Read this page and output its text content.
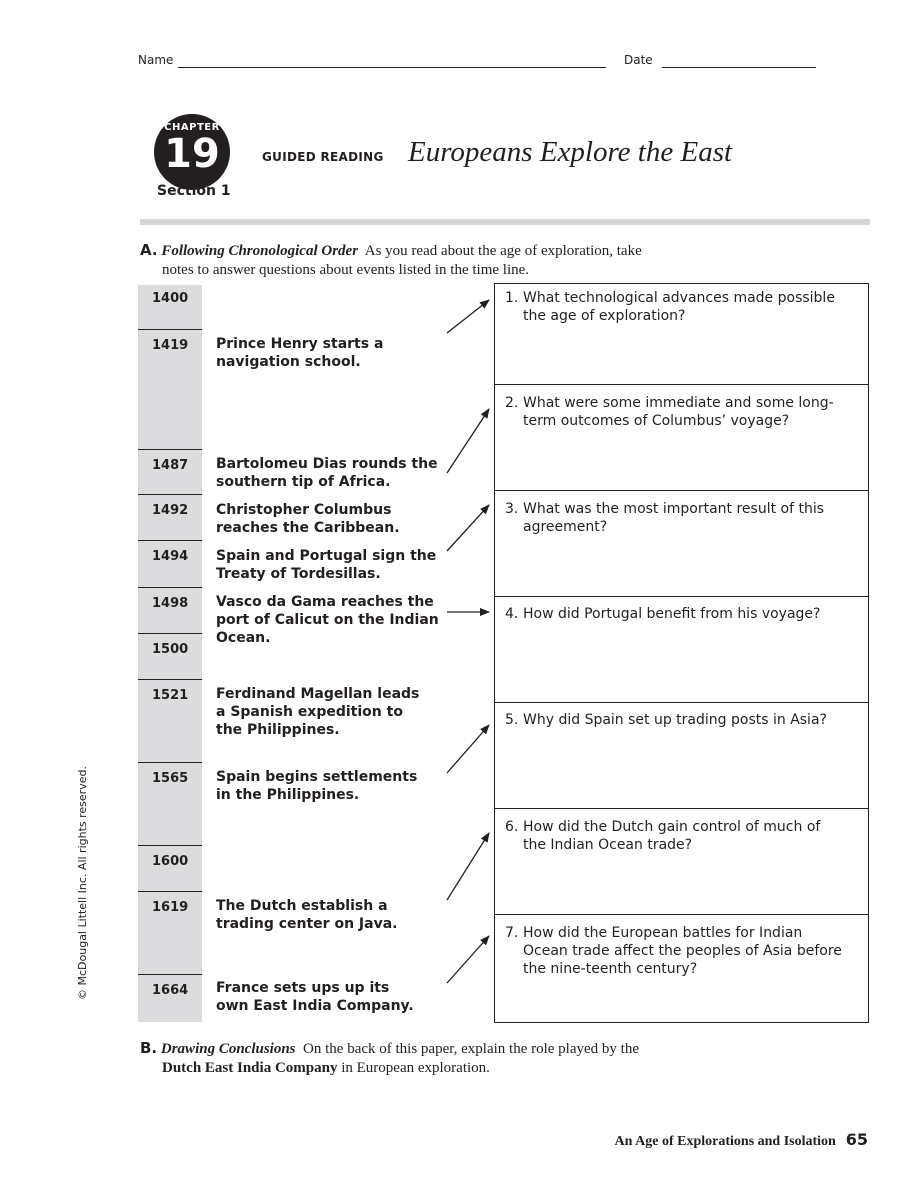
Name	Date
CHAPTER
19
Section 1
GUIDED READING Europeans Explore the East
A. Following Chronological Order As you read about the age of exploration, take
notes to answer questions about events listed in the time line.
1400
1419
1487
1492
1494
1498
1500
1521
1565
1600
1619
1664
Prince Henry starts a navigation school.
Bartolomeu Dias rounds the southern tip of Africa.
Christopher Columbus reaches the Caribbean.
Spain and Portugal sign the Treaty of Tordesillas.
Vasco da Gama reaches the port of Calicut on the Indian Ocean.
Ferdinand Magellan leads a Spanish expedition to the Philippines.
Spain begins settlements in the Philippines.
The Dutch establish a trading center on Java.
France sets ups up its own East India Company.
1. What technological advances made possible the age of exploration?
2. What were some immediate and some long-term outcomes of Columbus’ voyage?
3. What was the most important result of this agreement?
4. How did Portugal benefit from his voyage?
5. Why did Spain set up trading posts in Asia?
6. How did the Dutch gain control of much of the Indian Ocean trade?
7. How did the European battles for Indian Ocean trade affect the peoples of Asia before the nine-teenth century?
B. Drawing Conclusions On the back of this paper, explain the role played by the
Dutch East India Company in European exploration.
© McDougal Littell Inc. All rights reserved.
An Age of Explorations and Isolation 65
